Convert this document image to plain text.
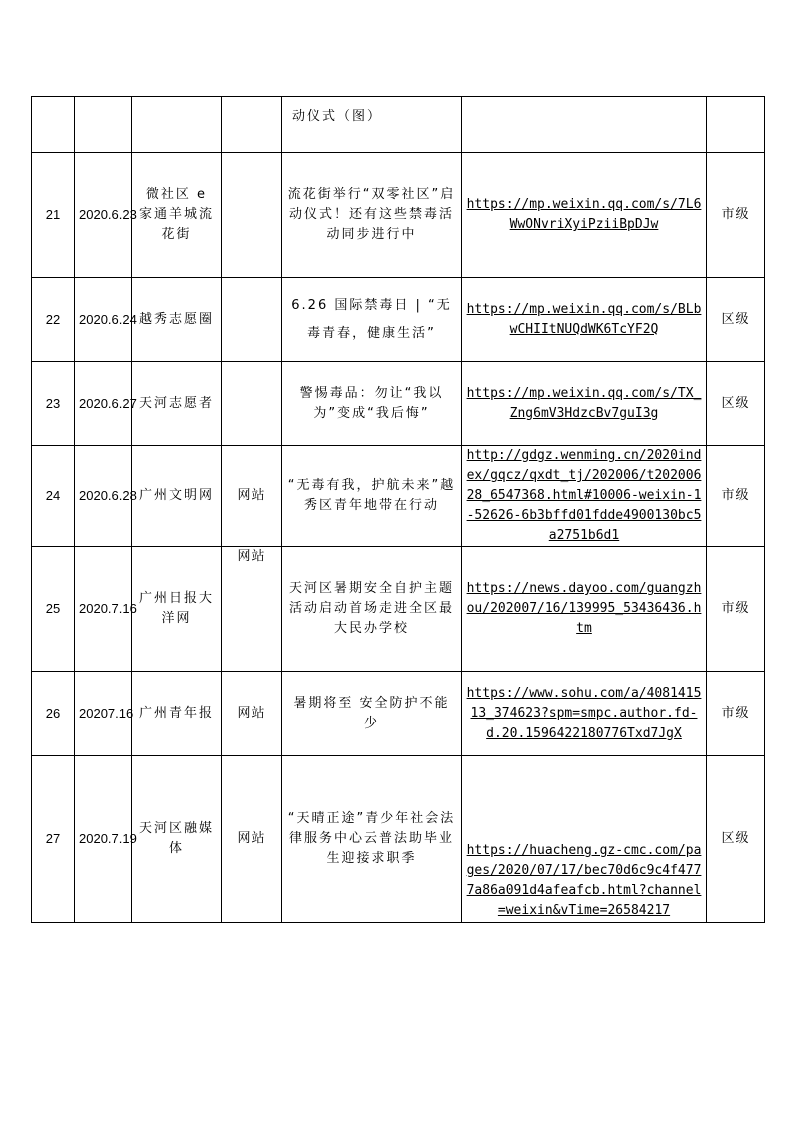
				动仪式（图）		
21	2020.6.23	微社区 e 家通羊城流花街		流花街举行“双零社区”启动仪式！还有这些禁毒活动同步进行中	https://mp.weixin.qq.com/s/7L6WwONvriXyiPziiBpDJw	市级
22	2020.6.24	越秀志愿圈		6.26 国际禁毒日 | “无毒青春，健康生活”	https://mp.weixin.qq.com/s/BLbwCHIItNUQdWK6TcYF2Q	区级
23	2020.6.27	天河志愿者		警惕毒品：勿让“我以为”变成“我后悔”	https://mp.weixin.qq.com/s/TX_Zng6mV3HdzcBv7guI3g	区级
24	2020.6.28	广州文明网	网站	“无毒有我，护航未来”越秀区青年地带在行动	http://gdgz.wenming.cn/2020index/gqcz/qxdt_tj/202006/t20200628_6547368.html#10006-weixin-1-52626-6b3bffd01fdde4900130bc5a2751b6d1	市级
25	2020.7.16	广州日报大洋网	网站	天河区暑期安全自护主题活动启动首场走进全区最大民办学校	https://news.dayoo.com/guangzhou/202007/16/139995_53436436.htm	市级
26	20207.16	广州青年报	网站	暑期将至 安全防护不能少	https://www.sohu.com/a/408141513_374623?spm=smpc.author.fd-d.20.1596422180776Txd7JgX	市级
27	2020.7.19	天河区融媒体	网站	“天晴正途”青少年社会法律服务中心云普法助毕业生迎接求职季	https://huacheng.gz-cmc.com/pages/2020/07/17/bec70d6c9c4f4777a86a091d4afeafcb.html?channel=weixin&vTime=26584217	区级
